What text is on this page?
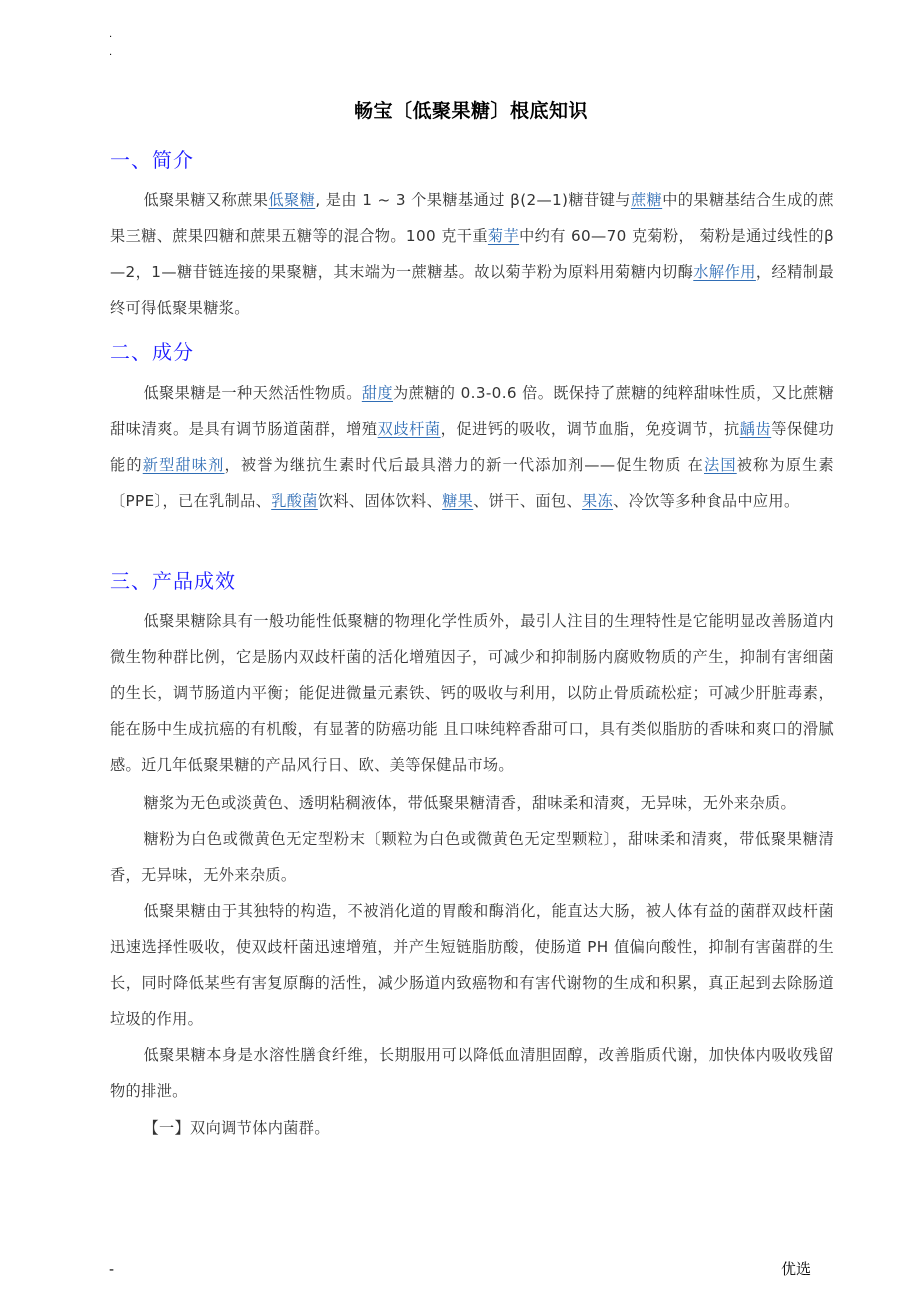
.
.
畅宝〔低聚果糖〕根底知识
一、简介
低聚果糖又称蔗果低聚糖, 是由 1 ~ 3 个果糖基通过 β(2—1)糖苷键与蔗糖中的果糖基结合生成的蔗果三糖、蔗果四糖和蔗果五糖等的混合物。100 克干重菊芋中约有 60—70 克菊粉， 菊粉是通过线性的β—2，1—糖苷链连接的果聚糖，其末端为一蔗糖基。故以菊芋粉为原料用菊糖内切酶水解作用，经精制最终可得低聚果糖浆。
二、成分
低聚果糖是一种天然活性物质。甜度为蔗糖的 0.3-0.6 倍。既保持了蔗糖的纯粹甜味性质，又比蔗糖甜味清爽。是具有调节肠道菌群，增殖双歧杆菌，促进钙的吸收，调节血脂，免疫调节，抗龋齿等保健功能的新型甜味剂，被誉为继抗生素时代后最具潜力的新一代添加剂——促生物质 在法国被称为原生素〔PPE〕，已在乳制品、乳酸菌饮料、固体饮料、糖果、饼干、面包、果冻、冷饮等多种食品中应用。
三、产品成效
低聚果糖除具有一般功能性低聚糖的物理化学性质外，最引人注目的生理特性是它能明显改善肠道内微生物种群比例，它是肠内双歧杆菌的活化增殖因子，可减少和抑制肠内腐败物质的产生，抑制有害细菌的生长，调节肠道内平衡；能促进微量元素铁、钙的吸收与利用，以防止骨质疏松症；可减少肝脏毒素，能在肠中生成抗癌的有机酸，有显著的防癌功能 且口味纯粹香甜可口，具有类似脂肪的香味和爽口的滑腻感。近几年低聚果糖的产品风行日、欧、美等保健品市场。
糖浆为无色或淡黄色、透明粘稠液体，带低聚果糖清香，甜味柔和清爽，无异味，无外来杂质。
糖粉为白色或微黄色无定型粉末〔颗粒为白色或微黄色无定型颗粒〕，甜味柔和清爽，带低聚果糖清香，无异味，无外来杂质。
低聚果糖由于其独特的构造，不被消化道的胃酸和酶消化，能直达大肠，被人体有益的菌群双歧杆菌迅速选择性吸收，使双歧杆菌迅速增殖，并产生短链脂肪酸，使肠道 PH 值偏向酸性，抑制有害菌群的生长，同时降低某些有害复原酶的活性，减少肠道内致癌物和有害代谢物的生成和积累，真正起到去除肠道垃圾的作用。
低聚果糖本身是水溶性膳食纤维，长期服用可以降低血清胆固醇，改善脂质代谢，加快体内吸收残留物的排泄。
【一】双向调节体内菌群。
-	优选
